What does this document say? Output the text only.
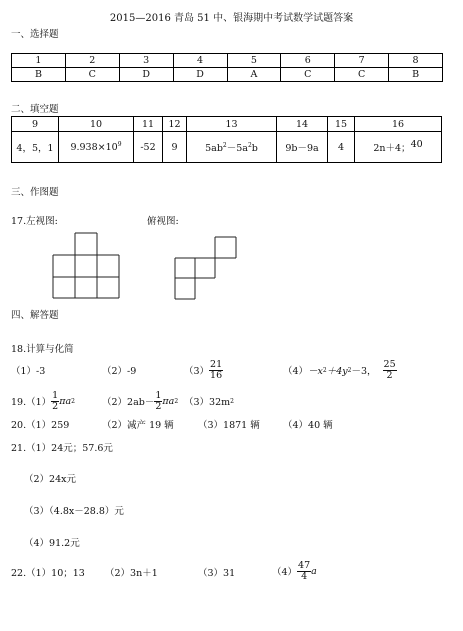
2015—2016 青岛 51 中、银海期中考试数学试题答案
一、选择题
1	2	3	4	5	6	7	8
B	C	D	D	A	C	C	B
二、填空题
9	10	11	12	13	14	15	16
4，5，1	$9.938\times 10^9$	-52	9	$5ab^2-5a^2b$	9b－9a	4	2n＋4；40
三、作图题
17.左视图:	俯视图:
四、解答题
18.计算与化简
（1）-3	（2）-9	$(3) \frac{21}{16}$	（4） －x 2 ＋4y 2 －3， $\frac{25}{2}$
$19.(1) \frac{1}{2}$ πa 2	$(2)2ab- \frac{1}{2}$ πa 2 （3）32m 2
20.（1）259	（2）减产 19 辆	（3）1871 辆 （4）40 辆
21.（1）24元；57.6元
（2）24x元
（3）（4.8x－28.8）元
（4）91.2元
22.（1）10；13 （2）3n＋1	（3）31	$(4) \frac{47}{4}$ a
